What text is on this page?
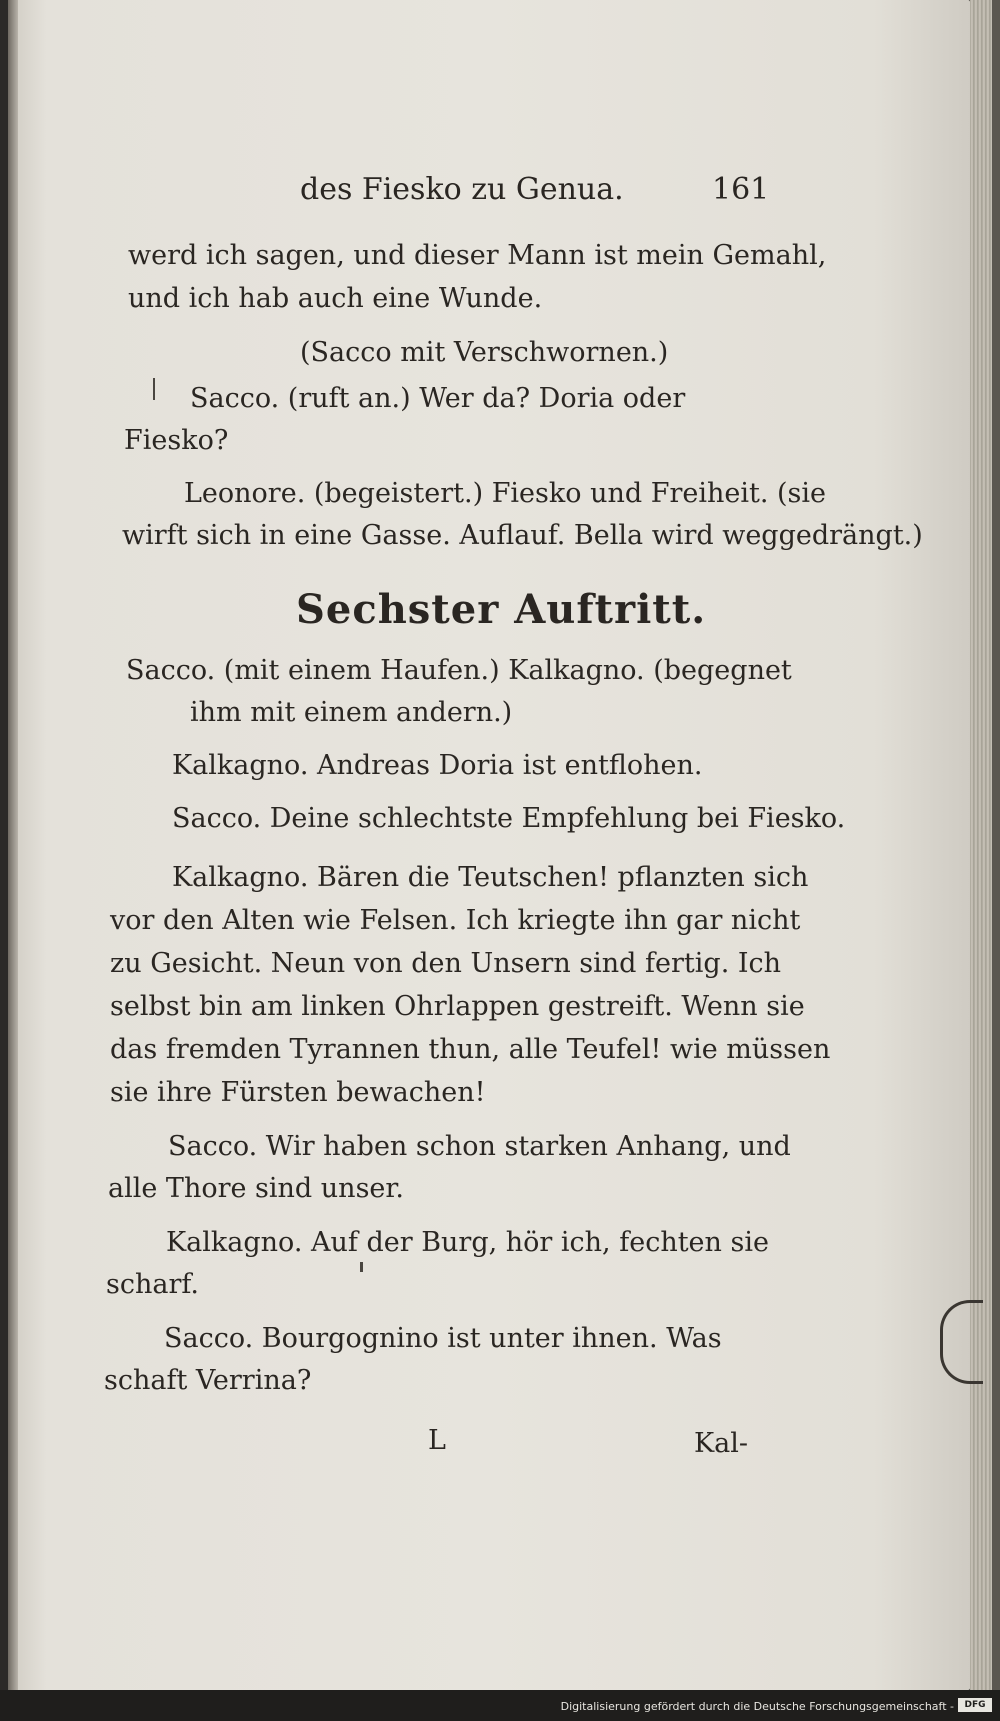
des Fiesko zu Genua.	161
werd ich sagen, und dieser Mann ist mein Gemahl,
und ich hab auch eine Wunde.
(Sacco mit Verschwornen.)
Sacco. (ruft an.) Wer da? Doria oder
Fiesko?
Leonore. (begeistert.) Fiesko und Freiheit. (sie
wirft sich in eine Gasse. Auflauf. Bella wird weggedrängt.)
Sechster Auftritt.
Sacco. (mit einem Haufen.) Kalkagno. (begegnet
ihm mit einem andern.)
Kalkagno. Andreas Doria ist entflohen.
Sacco. Deine schlechtste Empfehlung bei Fiesko.
Kalkagno. Bären die Teutschen! pflanzten sich
vor den Alten wie Felsen. Ich kriegte ihn gar nicht
zu Gesicht. Neun von den Unsern sind fertig. Ich
selbst bin am linken Ohrlappen gestreift. Wenn sie
das fremden Tyrannen thun, alle Teufel! wie müssen
sie ihre Fürsten bewachen!
Sacco. Wir haben schon starken Anhang, und
alle Thore sind unser.
Kalkagno. Auf der Burg, hör ich, fechten sie
scharf.
Sacco. Bourgognino ist unter ihnen. Was
schaft Verrina?
L	Kal-
Digitalisierung gefördert durch die Deutsche Forschungsgemeinschaft -	DFG
